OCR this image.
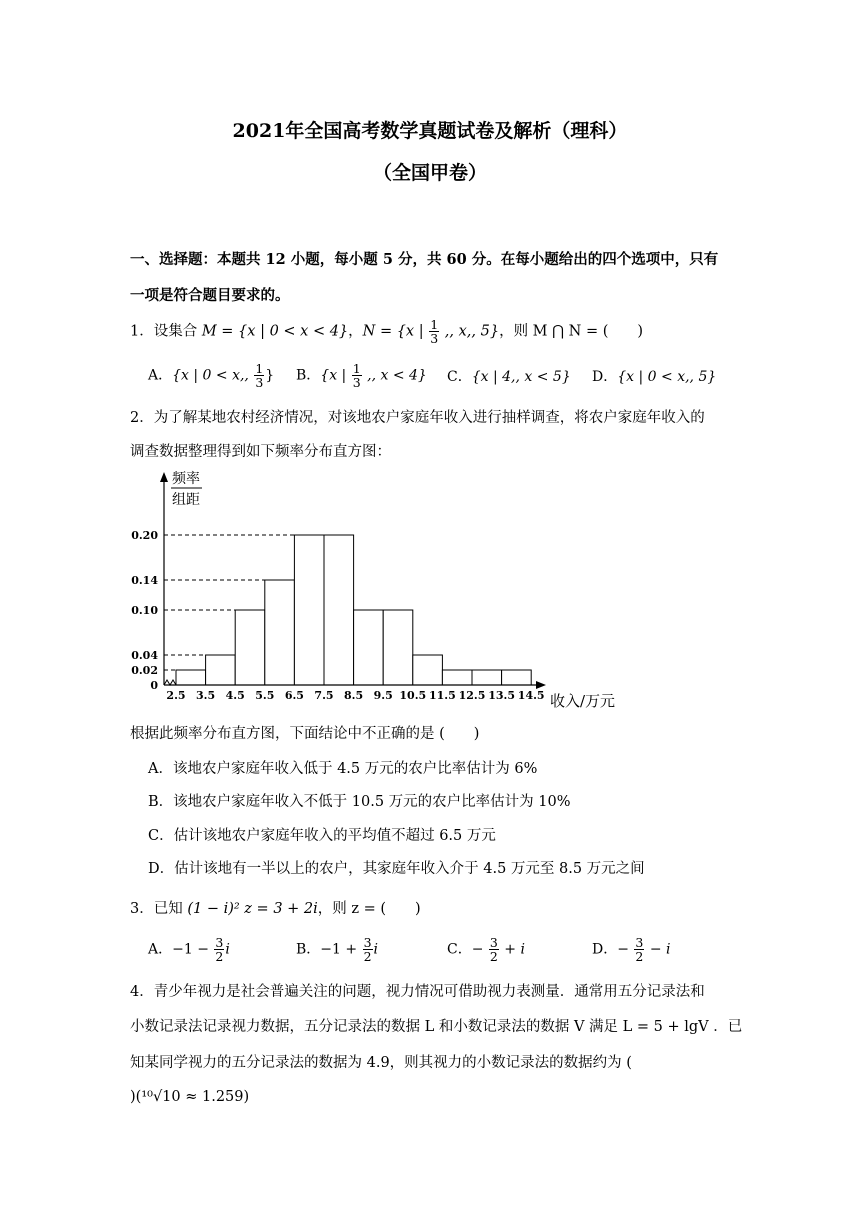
2021年全国高考数学真题试卷及解析（理科）
（全国甲卷）
一、选择题：本题共 12 小题，每小题 5 分，共 60 分。在每小题给出的四个选项中，只有
一项是符合题目要求的。
1．设集合 M = {x | 0 < x < 4}，N = {x | $\frac{1}{3}$ ,, x,, 5}，则 M ⋂ N = (　　)
A．{x | 0 < x,, $\frac{1}{3}$ } B．{x | $\frac{1}{3}$ ,, x < 4} C．{x | 4,, x < 5} D．{x | 0 < x,, 5}
2．为了解某地农村经济情况，对该地农户家庭年收入进行抽样调查，将农户家庭年收入的
调查数据整理得到如下频率分布直方图：
0.20
0.14
0.10
0.04
0.02
0
2.5 3.5 4.5 5.5 6.5 7.5 8.5 9.5 10.5 11.5 12.5 13.5 14.5
频率
组距
收入/万元
根据此频率分布直方图，下面结论中不正确的是 (　　)
A．该地农户家庭年收入低于 4.5 万元的农户比率估计为 6%
B．该地农户家庭年收入不低于 10.5 万元的农户比率估计为 10%
C．估计该地农户家庭年收入的平均值不超过 6.5 万元
D．估计该地有一半以上的农户，其家庭年收入介于 4.5 万元至 8.5 万元之间
3．已知 (1 − i)² z = 3 + 2i，则 z = (　　)
A．$-1 - \frac{3}{2}$ i	B．$-1 + \frac{3}{2}$ i	C．− $\frac{3}{2} + i$	D．− $\frac{3}{2} - i$
4．青少年视力是社会普遍关注的问题，视力情况可借助视力表测量．通常用五分记录法和
小数记录法记录视力数据，五分记录法的数据 L 和小数记录法的数据 V 满足 L = 5 + lgV ．已
知某同学视力的五分记录法的数据为 4.9，则其视力的小数记录法的数据约为 (
)(¹⁰√10 ≈ 1.259)
